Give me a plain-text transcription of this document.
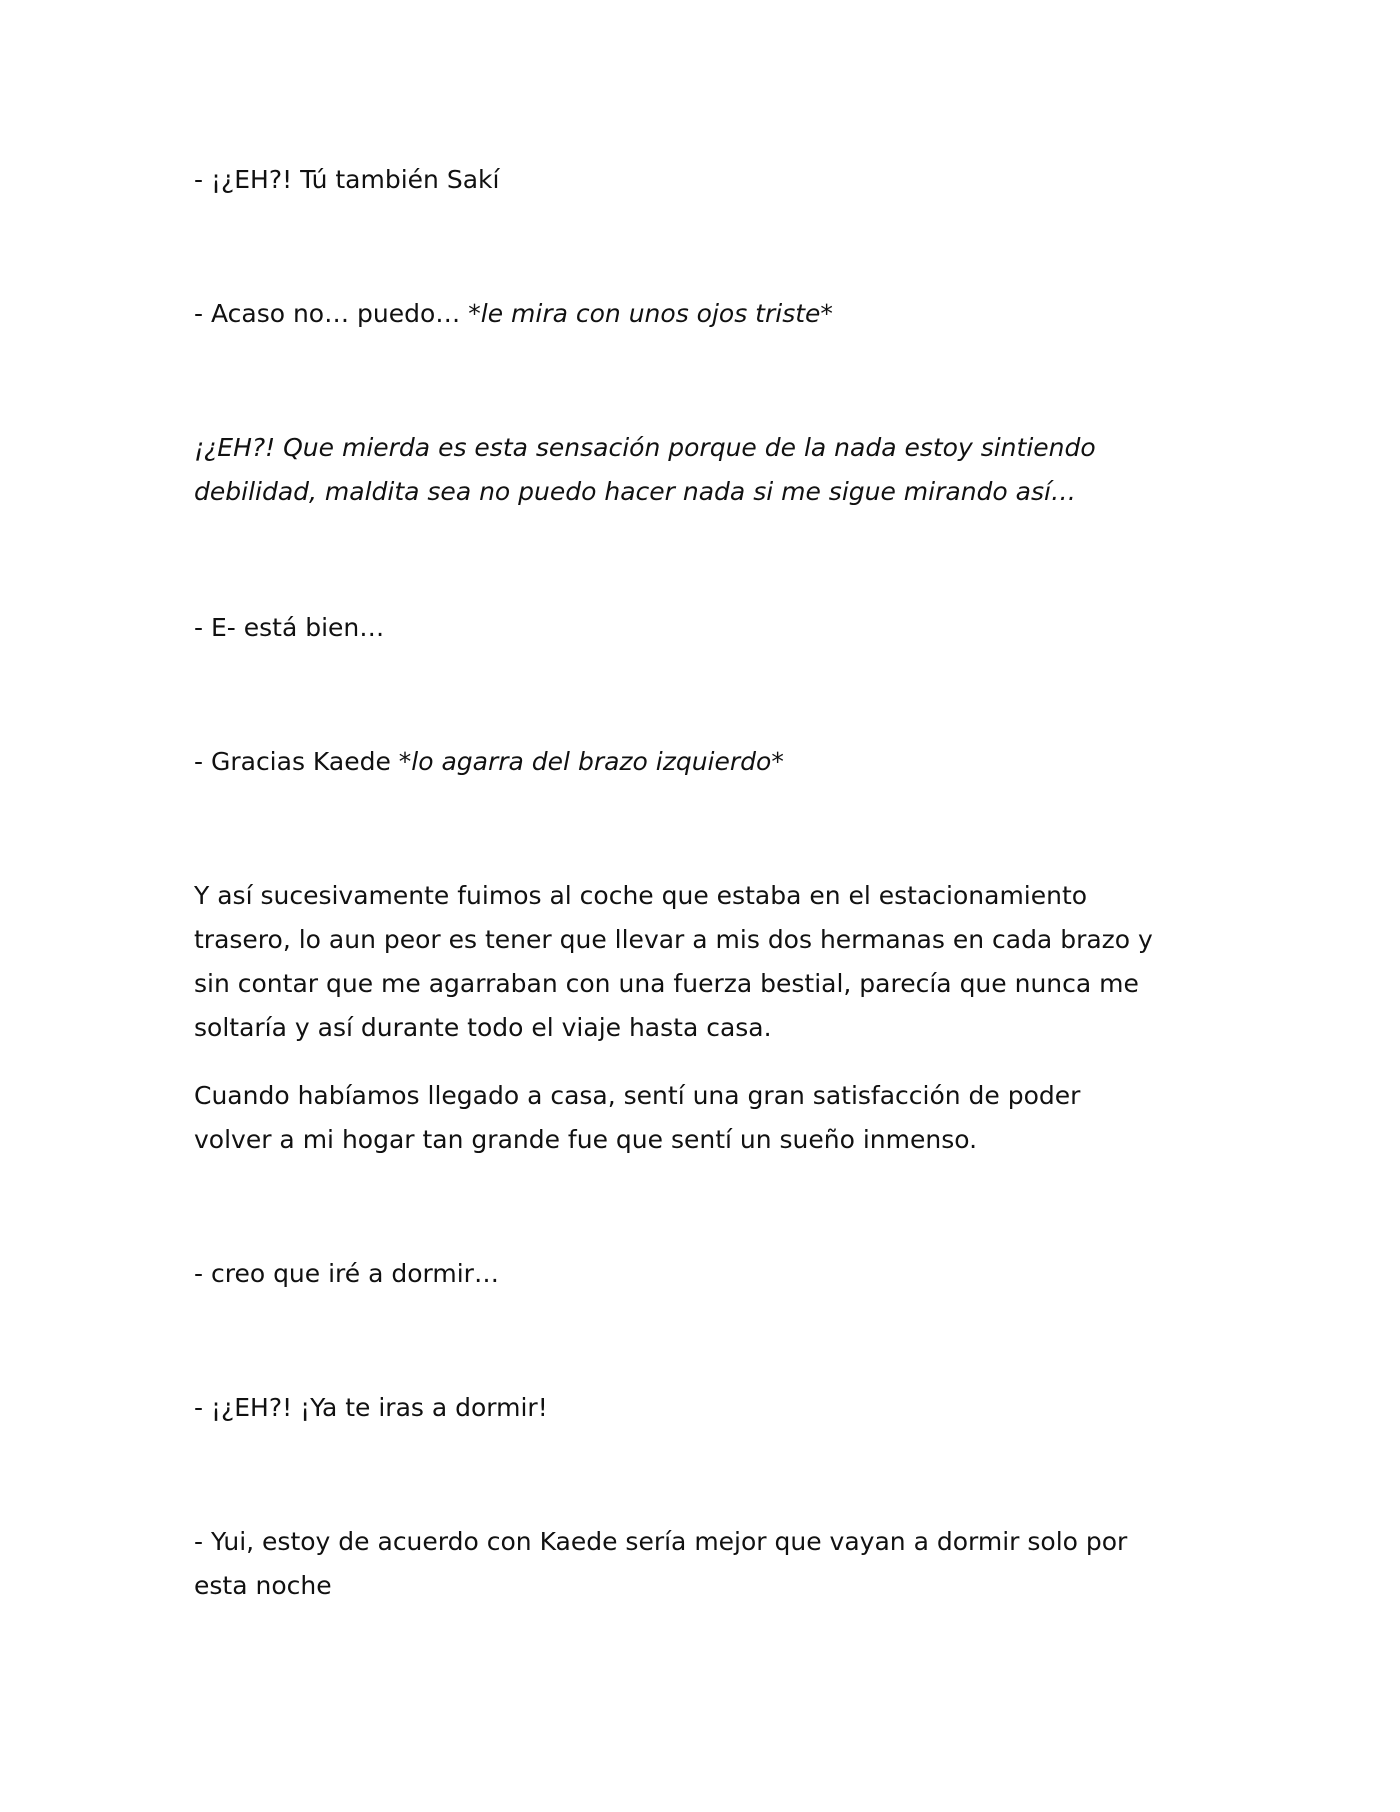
- ¡¿EH?! Tú también Sakí

- Acaso no… puedo… *le mira con unos ojos triste*

¡¿EH?! Que mierda es esta sensación porque de la nada estoy sintiendo debilidad, maldita sea no puedo hacer nada si me sigue mirando así…

- E- está bien…

- Gracias Kaede *lo agarra del brazo izquierdo*

Y así sucesivamente fuimos al coche que estaba en el estacionamiento trasero, lo aun peor es tener que llevar a mis dos hermanas en cada brazo y sin contar que me agarraban con una fuerza bestial, parecía que nunca me soltaría y así durante todo el viaje hasta casa.

Cuando habíamos llegado a casa, sentí una gran satisfacción de poder volver a mi hogar tan grande fue que sentí un sueño inmenso.

- creo que iré a dormir…

- ¡¿EH?! ¡Ya te iras a dormir!

- Yui, estoy de acuerdo con Kaede sería mejor que vayan a dormir solo por esta noche
